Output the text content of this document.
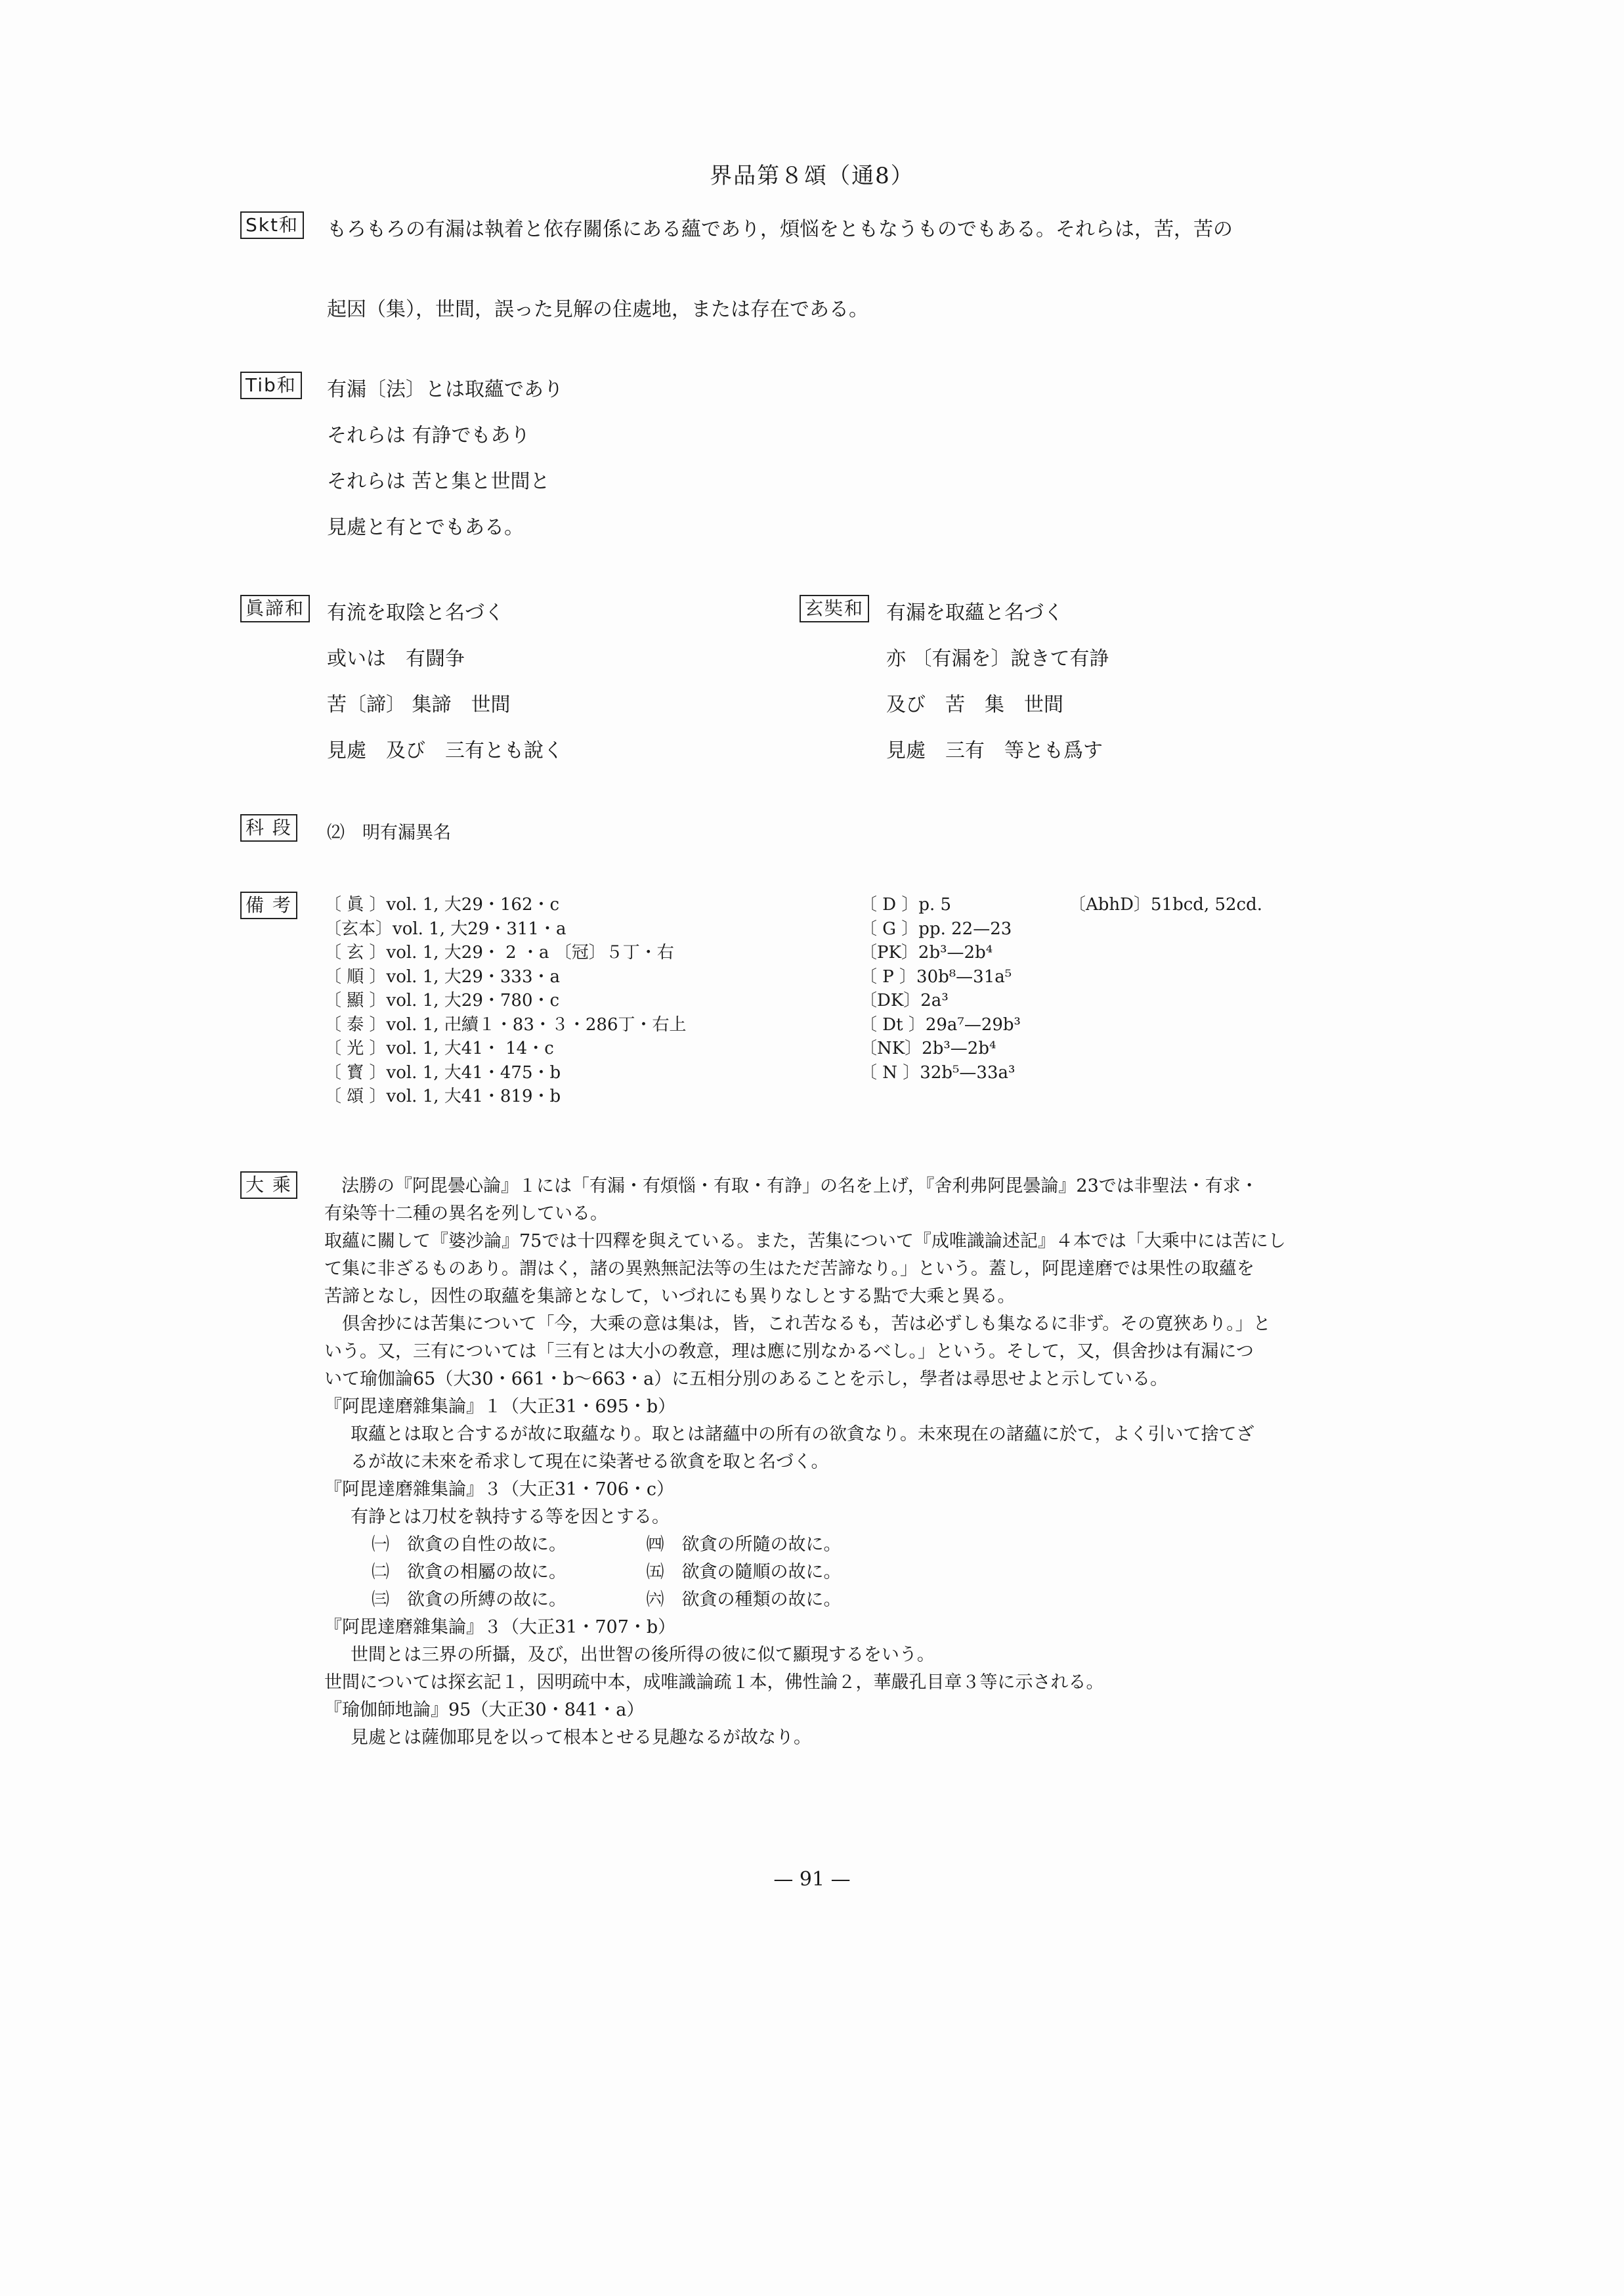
界品第８頌（通8）
Skt和 もろもろの有漏は執着と依存關係にある蘊であり，煩悩をともなうものでもある。それらは，苦，苦の
起因（集），世間，誤った見解の住處地，または存在である。
Tib和 有漏〔法〕とは取蘊であり
それらは 有諍でもあり
それらは 苦と集と世間と
見處と有とでもある。
眞諦和 有流を取陰と名づく
或いは　有闘争
苦〔諦〕 集諦　世間
見處　及び　三有とも說く
玄奘和 有漏を取蘊と名づく
亦 〔有漏を〕說きて有諍
及び　苦　集　世間
見處　三有　等とも爲す
科 段 ⑵　明有漏異名
備 考	〔 眞 〕vol. 1, 大29・162・c
〔玄本〕vol. 1, 大29・311・a
〔 玄 〕vol. 1, 大29・ 2 ・a 〔冠〕５丁・右
〔 順 〕vol. 1, 大29・333・a
〔 顯 〕vol. 1, 大29・780・c
〔 泰 〕vol. 1, 卍續１・83・３・286丁・右上
〔 光 〕vol. 1, 大41・ 14・c
〔 寳 〕vol. 1, 大41・475・b
〔 頌 〕vol. 1, 大41・819・b
〔 D 〕p. 5
〔 G 〕pp. 22—23
〔PK〕2b³—2b⁴
〔 P 〕30b⁸—31a⁵
〔DK〕2a³
〔 Dt 〕29a⁷—29b³
〔NK〕2b³—2b⁴
〔 N 〕32b⁵—33a³
〔AbhD〕51bcd, 52cd.
大 乘	法勝の『阿毘曇心論』１には「有漏・有煩惱・有取・有諍」の名を上げ，『舍利弗阿毘曇論』23では非聖法・有求・
有染等十二種の異名を列している。
取蘊に關して『婆沙論』75では十四釋を與えている。また，苦集について『成唯識論述記』４本では「大乘中には苦にし
て集に非ざるものあり。謂はく，諸の異熟無記法等の生はただ苦諦なり。」という。蓋し，阿毘達磨では果性の取蘊を
苦諦となし，因性の取蘊を集諦となして，いづれにも異りなしとする點で大乘と異る。
　倶舍抄には苦集について「今，大乘の意は集は，皆，これ苦なるも，苦は必ずしも集なるに非ず。その寛狹あり。」と
いう。又，三有については「三有とは大小の敎意，理は應に別なかるべし。」という。そして，又，倶舍抄は有漏につ
いて瑜伽論65（大30・661・b〜663・a）に五相分別のあることを示し，學者は尋思せよと示している。
『阿毘達磨雜集論』１（大正31・695・b）
取蘊とは取と合するが故に取蘊なり。取とは諸蘊中の所有の欲貪なり。未來現在の諸蘊に於て，よく引いて捨てざ
るが故に未來を希求して現在に染著せる欲貪を取と名づく。
『阿毘達磨雜集論』３（大正31・706・c）
有諍とは刀杖を執持する等を因とする。
㈠　欲貪の自性の故に。　　　　　㈣　欲貪の所隨の故に。
㈡　欲貪の相屬の故に。　　　　　㈤　欲貪の隨順の故に。
㈢　欲貪の所縛の故に。　　　　　㈥　欲貪の種類の故に。
『阿毘達磨雜集論』３（大正31・707・b）
世間とは三界の所攝，及び，出世智の後所得の彼に似て顯現するをいう。
世間については探玄記１，因明疏中本，成唯識論疏１本，佛性論２，華嚴孔目章３等に示される。
『瑜伽師地論』95（大正30・841・a）
見處とは薩伽耶見を以って根本とせる見趣なるが故なり。
— 91 —
